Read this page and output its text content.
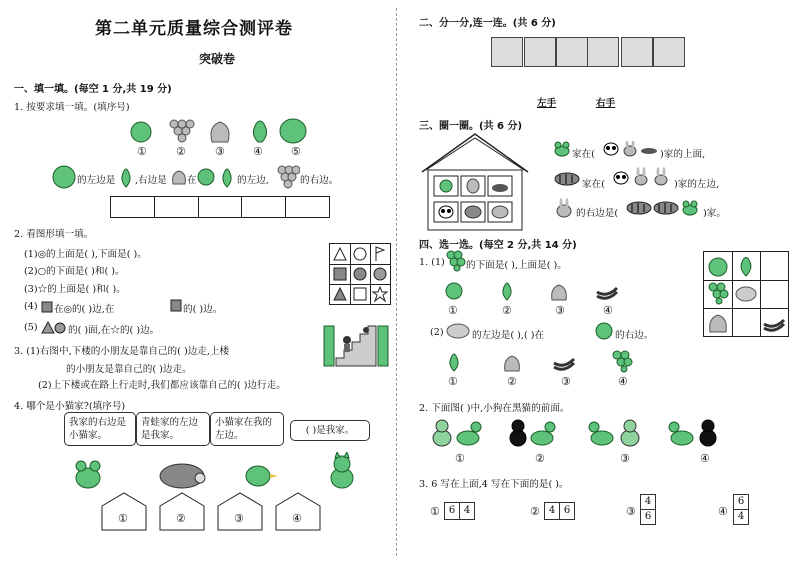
第二单元质量综合测评卷
突破卷
一、填一填。(每空 1 分,共 19 分)
1. 按要求填一填。(填序号)
①	②	③	④	⑤
的左边是 ,右边是 在	的左边,	的右边。
2. 看图形填一填。
(1)◎的上面是( ),下面是( )。
(2)○的下面是( )和( )。
(3)☆的上面是( )和( )。
(4) 在◎的( )边,在	的( )边。
(5)	的( )面,在☆的( )边。
3. (1)右图中,下楼的小朋友是靠自己的( )边走,上楼
的小朋友是靠自己的( )边走。
(2)上下楼或在路上行走时,我们都应该靠自己的( )边行走。
4. 哪个是小猫家?(填序号)
我家的右边是小猫家。
青蛙家的左边是我家。
小猫家在我的左边。	( )是我家。
①	②	③	④
二、分一分,连一连。(共 6 分)
左手	右手
三、圈一圈。(共 6 分)
家在(	)家的上面,
家在(	)家的左边,
的右边是(	)家。
四、选一选。(每空 2 分,共 14 分)
1. (1) 的下面是( ),上面是( )。
①	②	③	④
(2)	的左边是( ),( )在	的右边。
①	②	③	④
2. 下面图( )中,小狗在黑猫的前面。
①	②	③	④
3. 6 写在上面,4 写在下面的是( )。
① 6 4	② 4 6	③
4
6	④
6
4
